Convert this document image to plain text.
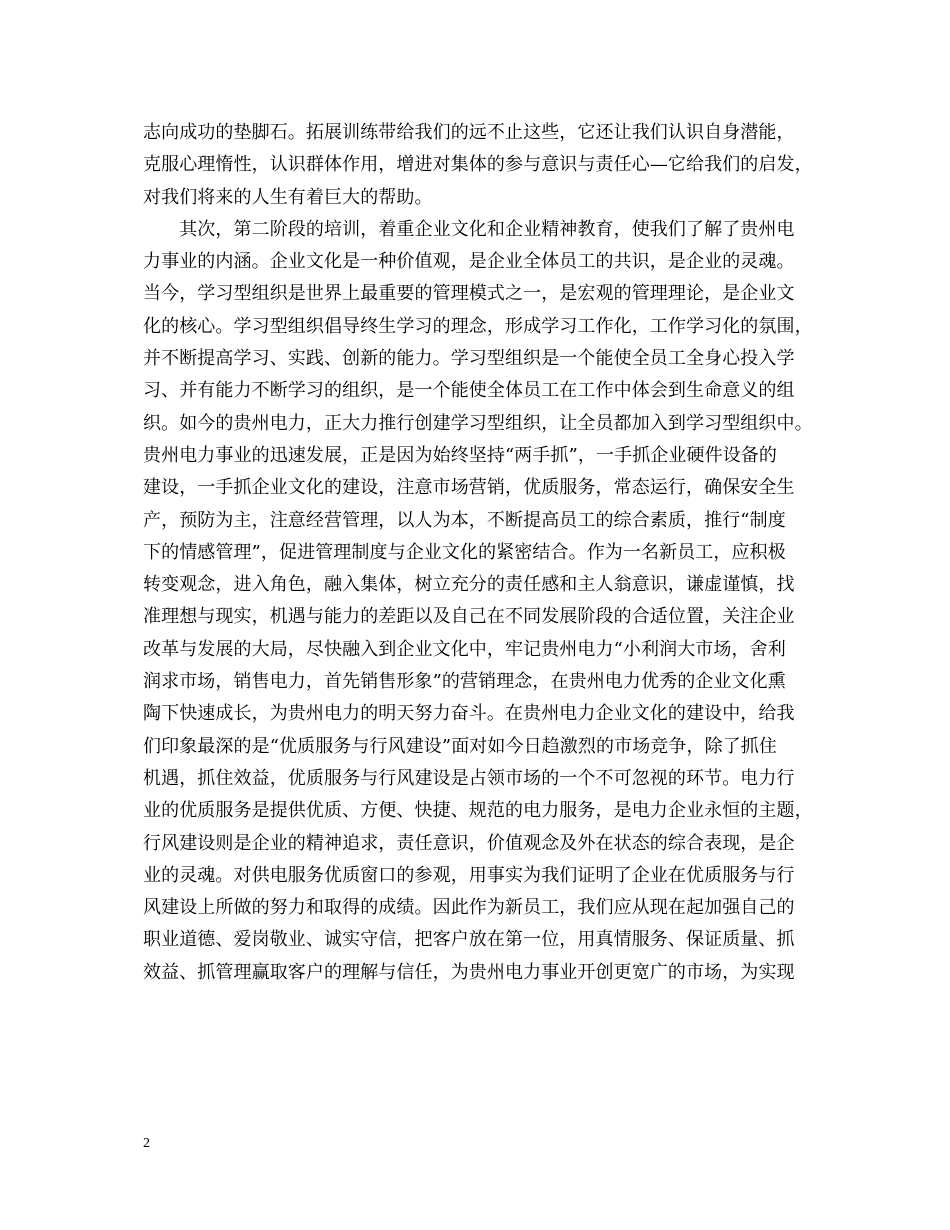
志向成功的垫脚石。拓展训练带给我们的远不止这些，它还让我们认识自身潜能，
克服心理惰性，认识群体作用，增进对集体的参与意识与责任心—它给我们的启发，
对我们将来的人生有着巨大的帮助。
　　其次，第二阶段的培训，着重企业文化和企业精神教育，使我们了解了贵州电
力事业的内涵。企业文化是一种价值观，是企业全体员工的共识，是企业的灵魂。
当今，学习型组织是世界上最重要的管理模式之一，是宏观的管理理论，是企业文
化的核心。学习型组织倡导终生学习的理念，形成学习工作化，工作学习化的氛围，
并不断提高学习、实践、创新的能力。学习型组织是一个能使全员工全身心投入学
习、并有能力不断学习的组织，是一个能使全体员工在工作中体会到生命意义的组
织。如今的贵州电力，正大力推行创建学习型组织，让全员都加入到学习型组织中。
贵州电力事业的迅速发展，正是因为始终坚持“两手抓”，一手抓企业硬件设备的
建设，一手抓企业文化的建设，注意市场营销，优质服务，常态运行，确保安全生
产，预防为主，注意经营管理，以人为本，不断提高员工的综合素质，推行“制度
下的情感管理”，促进管理制度与企业文化的紧密结合。作为一名新员工，应积极
转变观念，进入角色，融入集体，树立充分的责任感和主人翁意识，谦虚谨慎，找
准理想与现实，机遇与能力的差距以及自己在不同发展阶段的合适位置，关注企业
改革与发展的大局，尽快融入到企业文化中，牢记贵州电力“小利润大市场，舍利
润求市场，销售电力，首先销售形象”的营销理念，在贵州电力优秀的企业文化熏
陶下快速成长，为贵州电力的明天努力奋斗。在贵州电力企业文化的建设中，给我
们印象最深的是“优质服务与行风建设”面对如今日趋激烈的市场竞争，除了抓住
机遇，抓住效益，优质服务与行风建设是占领市场的一个不可忽视的环节。电力行
业的优质服务是提供优质、方便、快捷、规范的电力服务，是电力企业永恒的主题，
行风建设则是企业的精神追求，责任意识，价值观念及外在状态的综合表现，是企
业的灵魂。对供电服务优质窗口的参观，用事实为我们证明了企业在优质服务与行
风建设上所做的努力和取得的成绩。因此作为新员工，我们应从现在起加强自己的
职业道德、爱岗敬业、诚实守信，把客户放在第一位，用真情服务、保证质量、抓
效益、抓管理赢取客户的理解与信任，为贵州电力事业开创更宽广的市场，为实现
2
